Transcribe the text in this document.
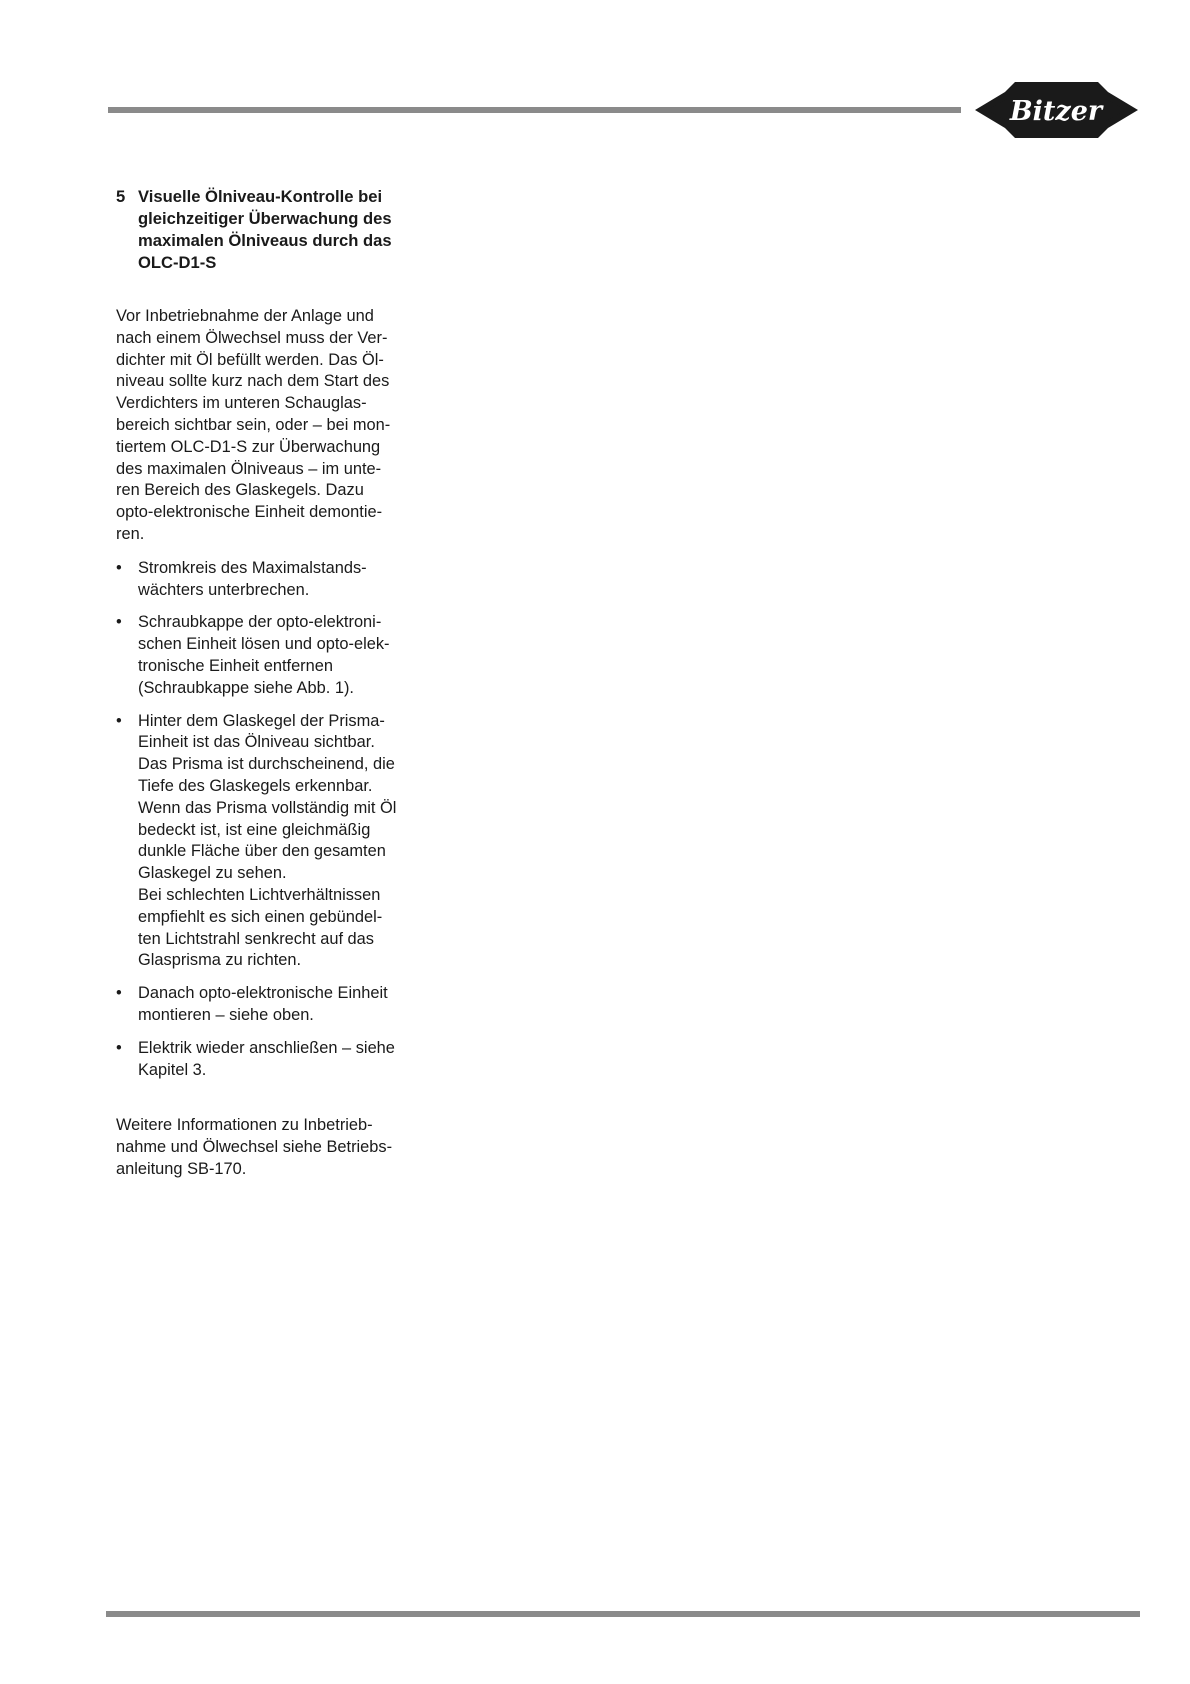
Bitzer
5 Visuelle Ölniveau-Kontrolle bei
gleichzeitiger Überwachung des
maximalen Ölniveaus durch das
OLC-D1-S
Vor Inbetriebnahme der Anlage und
nach einem Ölwechsel muss der Ver-
dichter mit Öl befüllt werden. Das Öl-
niveau sollte kurz nach dem Start des
Verdichters im unteren Schauglas-
bereich sichtbar sein, oder – bei mon-
tiertem OLC-D1-S zur Überwachung
des maximalen Ölniveaus – im unte-
ren Bereich des Glaskegels. Dazu
opto-elektronische Einheit demontie-
ren.
• Stromkreis des Maximalstands-
wächters unterbrechen.
• Schraubkappe der opto-elektroni-
schen Einheit lösen und opto-elek-
tronische Einheit entfernen
(Schraubkappe siehe Abb. 1).
• Hinter dem Glaskegel der Prisma-
Einheit ist das Ölniveau sichtbar.
Das Prisma ist durchscheinend, die
Tiefe des Glaskegels erkennbar.
Wenn das Prisma vollständig mit Öl
bedeckt ist, ist eine gleichmäßig
dunkle Fläche über den gesamten
Glaskegel zu sehen.
Bei schlechten Lichtverhältnissen
empfiehlt es sich einen gebündel-
ten Lichtstrahl senkrecht auf das
Glasprisma zu richten.
• Danach opto-elektronische Einheit
montieren – siehe oben.
• Elektrik wieder anschließen – siehe
Kapitel 3.
Weitere Informationen zu Inbetrieb-
nahme und Ölwechsel siehe Betriebs-
anleitung SB-170.
